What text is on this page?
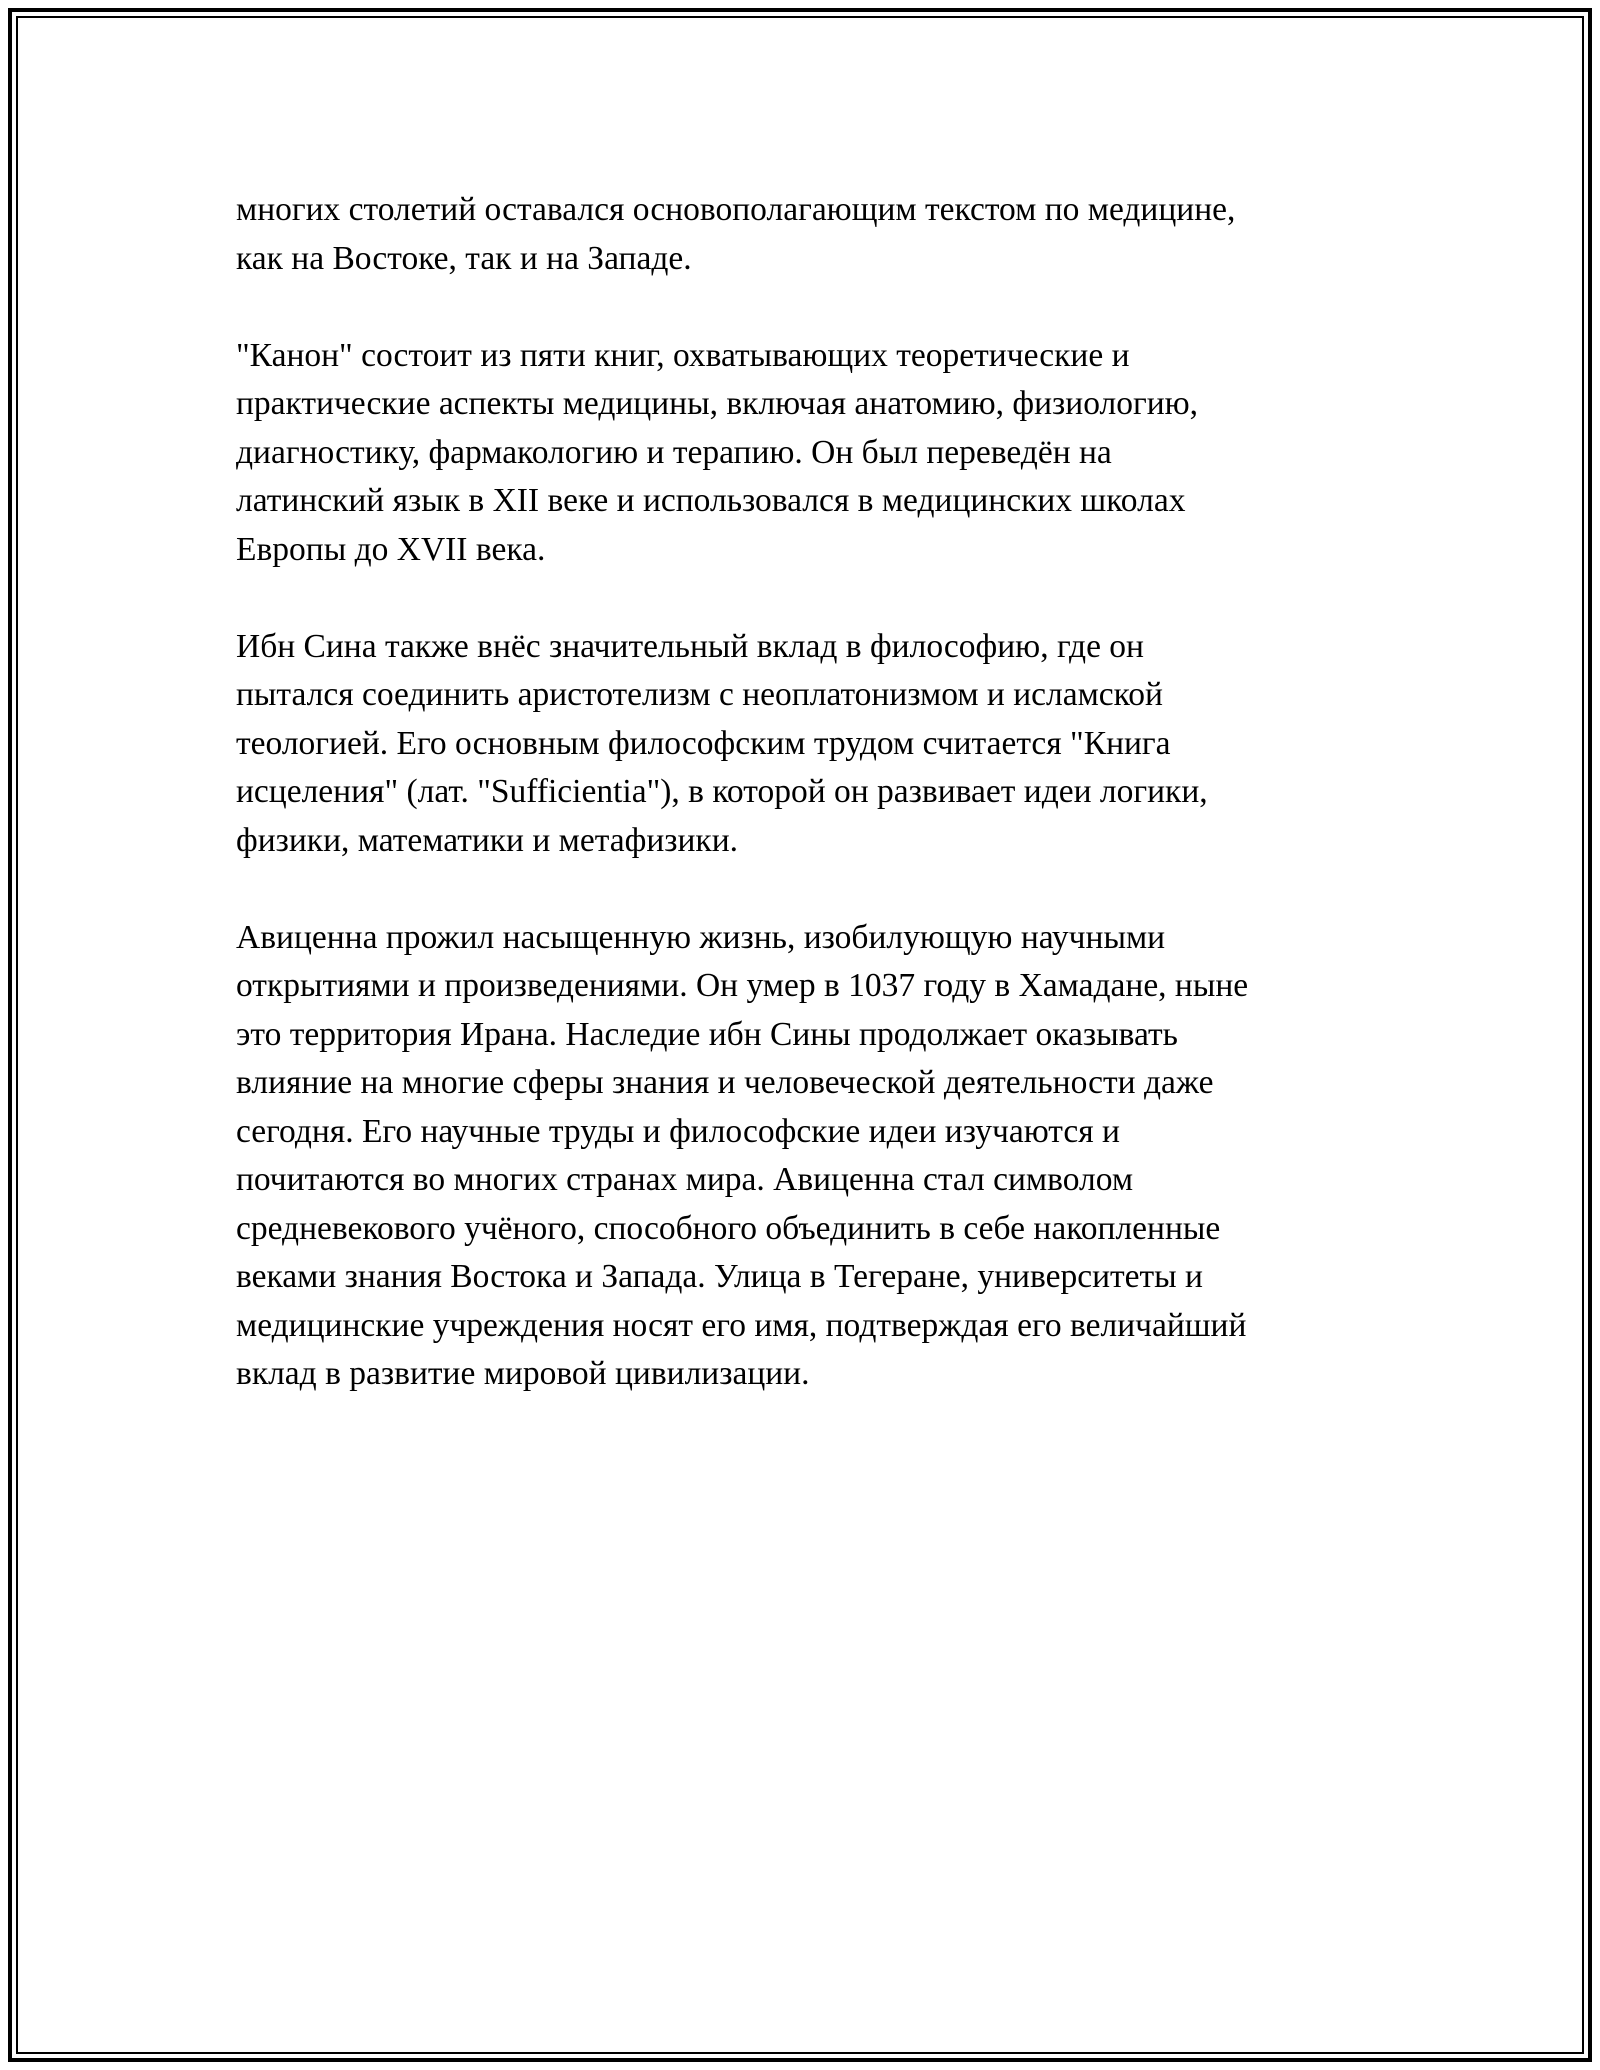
многих столетий оставался основополагающим текстом по медицине,
как на Востоке, так и на Западе.

"Канон" состоит из пяти книг, охватывающих теоретические и
практические аспекты медицины, включая анатомию, физиологию,
диагностику, фармакологию и терапию. Он был переведён на
латинский язык в XII веке и использовался в медицинских школах
Европы до XVII века.

Ибн Сина также внёс значительный вклад в философию, где он
пытался соединить аристотелизм с неоплатонизмом и исламской
теологией. Его основным философским трудом считается "Книга
исцеления" (лат. "Sufficientia"), в которой он развивает идеи логики,
физики, математики и метафизики.

Авиценна прожил насыщенную жизнь, изобилующую научными
открытиями и произведениями. Он умер в 1037 году в Хамадане, ныне
это территория Ирана. Наследие ибн Сины продолжает оказывать
влияние на многие сферы знания и человеческой деятельности даже
сегодня. Его научные труды и философские идеи изучаются и
почитаются во многих странах мира. Авиценна стал символом
средневекового учёного, способного объединить в себе накопленные
веками знания Востока и Запада. Улица в Тегеране, университеты и
медицинские учреждения носят его имя, подтверждая его величайший
вклад в развитие мировой цивилизации.
